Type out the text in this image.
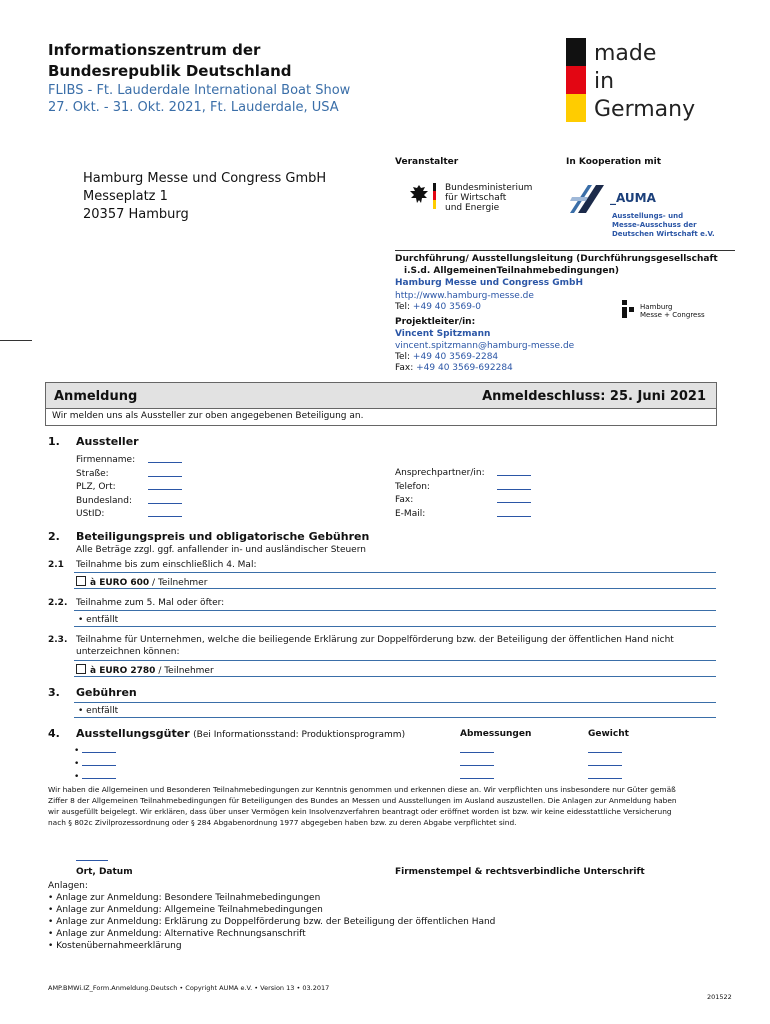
Informationszentrum der
Bundesrepublik Deutschland
FLIBS - Ft. Lauderdale International Boat Show
27. Okt. - 31. Okt. 2021, Ft. Lauderdale, USA
made
in
Germany
Hamburg Messe und Congress GmbH
Messeplatz 1
20357 Hamburg
Veranstalter	In Kooperation mit
Bundesministerium
für Wirtschaft
und Energie
_AUMA
Ausstellungs- und
Messe-Ausschuss der
Deutschen Wirtschaft e.V.
Durchführung/ Ausstellungsleitung (Durchführungsgesellschaft
i.S.d. AllgemeinenTeilnahmebedingungen)
Hamburg Messe und Congress GmbH
http://www.hamburg-messe.de
Tel: +49 40 3569-0	Hamburg
Messe + Congress
Projektleiter/in:
Vincent Spitzmann
vincent.spitzmann@hamburg-messe.de
Tel: +49 40 3569-2284
Fax: +49 40 3569-692284
Anmeldung	Anmeldeschluss: 25. Juni 2021
Wir melden uns als Aussteller zur oben angegebenen Beteiligung an.
1. Aussteller
Firmenname:
Straße:
PLZ, Ort:
Bundesland:
UStID:
Ansprechpartner/in:
Telefon:
Fax:
E-Mail:
2. Beteiligungspreis und obligatorische Gebühren
Alle Beträge zzgl. ggf. anfallender in- und ausländischer Steuern
2.1 Teilnahme bis zum einschließlich 4. Mal:
à EURO 600 / Teilnehmer
2.2. Teilnahme zum 5. Mal oder öfter:
• entfällt
2.3. Teilnahme für Unternehmen, welche die beiliegende Erklärung zur Doppelförderung bzw. der Beteiligung der öffentlichen Hand nicht
unterzeichnen können:
à EURO 2780 / Teilnehmer
3. Gebühren
• entfällt
4. Ausstellungsgüter (Bei Informationsstand: Produktionsprogramm)	Abmessungen	Gewicht
•
•
•
Wir haben die Allgemeinen und Besonderen Teilnahmebedingungen zur Kenntnis genommen und erkennen diese an. Wir verpflichten uns insbesondere nur Güter gemäß
Ziffer 8 der Allgemeinen Teilnahmebedingungen für Beteiligungen des Bundes an Messen und Ausstellungen im Ausland auszustellen. Die Anlagen zur Anmeldung haben
wir ausgefüllt beigelegt. Wir erklären, dass über unser Vermögen kein Insolvenzverfahren beantragt oder eröffnet worden ist bzw. wir keine eidesstattliche Versicherung
nach § 802c Zivilprozessordnung oder § 284 Abgabenordnung 1977 abgegeben haben bzw. zu deren Abgabe verpflichtet sind.
Ort, Datum	Firmenstempel & rechtsverbindliche Unterschrift
Anlagen:
• Anlage zur Anmeldung: Besondere Teilnahmebedingungen
• Anlage zur Anmeldung: Allgemeine Teilnahmebedingungen
• Anlage zur Anmeldung: Erklärung zu Doppelförderung bzw. der Beteiligung der öffentlichen Hand
• Anlage zur Anmeldung: Alternative Rechnungsanschrift
• Kostenübernahmeerklärung
AMP.BMWi.IZ_Form.Anmeldung.Deutsch • Copyright AUMA e.V. • Version 13 • 03.2017
201522
